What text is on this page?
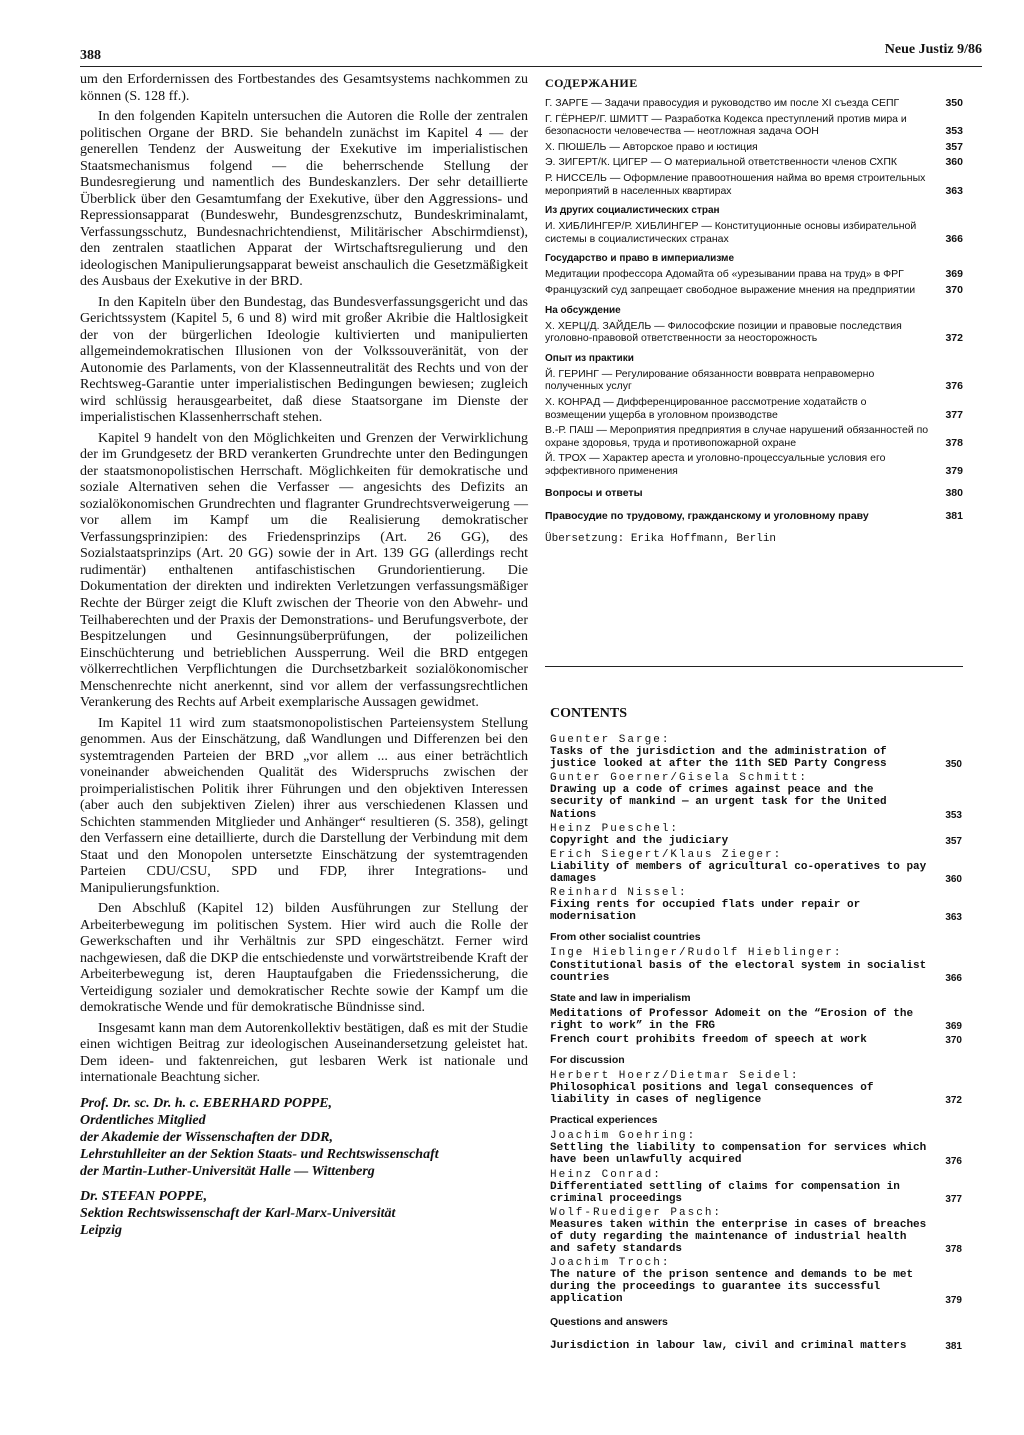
388	Neue Justiz 9/86

um den Erfordernissen des Fortbestandes des Gesamtsystems nachkommen zu können (S. 128 ff.).

In den folgenden Kapiteln untersuchen die Autoren die Rolle der zentralen politischen Organe der BRD. Sie behandeln zunächst im Kapitel 4 — der generellen Tendenz der Ausweitung der Exekutive im imperialistischen Staatsmechanismus folgend — die beherrschende Stellung der Bundesregierung und namentlich des Bundeskanzlers. Der sehr detaillierte Überblick über den Gesamtumfang der Exekutive, über den Aggressions- und Repressionsapparat (Bundeswehr, Bundesgrenzschutz, Bundeskriminalamt, Verfassungsschutz, Bundesnachrichtendienst, Militärischer Abschirmdienst), den zentralen staatlichen Apparat der Wirtschaftsregulierung und den ideologischen Manipulierungsapparat beweist anschaulich die Gesetzmäßigkeit des Ausbaus der Exekutive in der BRD.

In den Kapiteln über den Bundestag, das Bundesverfassungsgericht und das Gerichtssystem (Kapitel 5, 6 und 8) wird mit großer Akribie die Haltlosigkeit der von der bürgerlichen Ideologie kultivierten und manipulierten allgemeindemokratischen Illusionen von der Volkssouveränität, von der Autonomie des Parlaments, von der Klassenneutralität des Rechts und von der Rechtsweg-Garantie unter imperialistischen Bedingungen bewiesen; zugleich wird schlüssig herausgearbeitet, daß diese Staatsorgane im Dienste der imperialistischen Klassenherrschaft stehen.

Kapitel 9 handelt von den Möglichkeiten und Grenzen der Verwirklichung der im Grundgesetz der BRD verankerten Grundrechte unter den Bedingungen der staatsmonopolistischen Herrschaft. Möglichkeiten für demokratische und soziale Alternativen sehen die Verfasser — angesichts des Defizits an sozialökonomischen Grundrechten und flagranter Grundrechtsverweigerung — vor allem im Kampf um die Realisierung demokratischer Verfassungsprinzipien: des Friedensprinzips (Art. 26 GG), des Sozialstaatsprinzips (Art. 20 GG) sowie der in Art. 139 GG (allerdings recht rudimentär) enthaltenen antifaschistischen Grundorientierung. Die Dokumentation der direkten und indirekten Verletzungen verfassungsmäßiger Rechte der Bürger zeigt die Kluft zwischen der Theorie von den Abwehr- und Teilhaberechten und der Praxis der Demonstrations- und Berufungsverbote, der Bespitzelungen und Gesinnungsüberprüfungen, der polizeilichen Einschüchterung und betrieblichen Aussperrung. Weil die BRD entgegen völkerrechtlichen Verpflichtungen die Durchsetzbarkeit sozialökonomischer Menschenrechte nicht anerkennt, sind vor allem der verfassungsrechtlichen Verankerung des Rechts auf Arbeit exemplarische Aussagen gewidmet.

Im Kapitel 11 wird zum staatsmonopolistischen Parteiensystem Stellung genommen. Aus der Einschätzung, daß Wandlungen und Differenzen bei den systemtragenden Parteien der BRD „vor allem ... aus einer beträchtlich voneinander abweichenden Qualität des Widerspruchs zwischen der proimperialistischen Politik ihrer Führungen und den objektiven Interessen (aber auch den subjektiven Zielen) ihrer aus verschiedenen Klassen und Schichten stammenden Mitglieder und Anhänger“ resultieren (S. 358), gelingt den Verfassern eine detaillierte, durch die Darstellung der Verbindung mit dem Staat und den Monopolen untersetzte Einschätzung der systemtragenden Parteien CDU/CSU, SPD und FDP, ihrer Integrations- und Manipulierungsfunktion.

Den Abschluß (Kapitel 12) bilden Ausführungen zur Stellung der Arbeiterbewegung im politischen System. Hier wird auch die Rolle der Gewerkschaften und ihr Verhältnis zur SPD eingeschätzt. Ferner wird nachgewiesen, daß die DKP die entschiedenste und vorwärtstreibende Kraft der Arbeiterbewegung ist, deren Hauptaufgaben die Friedenssicherung, die Verteidigung sozialer und demokratischer Rechte sowie der Kampf um die demokratische Wende und für demokratische Bündnisse sind.

Insgesamt kann man dem Autorenkollektiv bestätigen, daß es mit der Studie einen wichtigen Beitrag zur ideologischen Auseinandersetzung geleistet hat. Dem ideen- und faktenreichen, gut lesbaren Werk ist nationale und internationale Beachtung sicher.

Prof. Dr. sc. Dr. h. c. EBERHARD POPPE,
Ordentliches Mitglied
der Akademie der Wissenschaften der DDR,
Lehrstuhlleiter an der Sektion Staats- und Rechtswissenschaft
der Martin-Luther-Universität Halle — Wittenberg
Dr. STEFAN POPPE,
Sektion Rechtswissenschaft der Karl-Marx-Universität
Leipzig
СОДЕРЖАНИЕ
Г. ЗАРГЕ — Задачи правосудия и руководство им после XI съезда СЕПГ	350
Г. ГЁРНЕР/Г. ШМИТТ — Разработка Кодекса преступлений против мира и безопасности человечества — неотложная задача ООН	353
Х. ПЮШЕЛЬ — Авторское право и юстиция	357
Э. ЗИГЕРТ/К. ЦИГЕР — О материальной ответственности членов СХПК	360
Р. НИССЕЛЬ — Оформление правоотношения найма во время строительных мероприятий в населенных квартирах	363
Из других социалистических стран
И. ХИБЛИНГЕР/Р. ХИБЛИНГЕР — Конституционные основы избирательной системы в социалистических странах	366
Государство и право в империализме
Медитации профессора Адомайта об «урезывании права на труд» в ФРГ	369
Французский суд запрещает свободное выражение мнения на предприятии	370
На обсуждение
Х. ХЕРЦ/Д. ЗАЙДЕЛЬ — Философские позиции и правовые последствия уголовно-правовой ответственности за неосторожность	372
Опыт из практики
Й. ГЕРИНГ — Регулирование обязанности вовврата неправомерно полученных услуг	376
Х. КОНРАД — Дифференцированное рассмотрение ходатайств о возмещении ущерба в уголовном производстве	377
В.-Р. ПАШ — Мероприятия предприятия в случае нарушений обязанностей по охране здоровья, труда и противопожарной охране	378
Й. ТРОХ — Характер ареста и уголовно-процессуальные условия его эффективного применения	379
Вопросы и ответы	380
Правосудие по трудовому, гражданскому и уголовному праву	381
Übersetzung: Erika Hoffmann, Berlin
CONTENTS
Guenter Sarge:
Tasks of the jurisdiction and the administration of justice looked at after the 11th SED Party Congress	350
Gunter Goerner/Gisela Schmitt:
Drawing up a code of crimes against peace and the security of mankind — an urgent task for the United Nations	353
Heinz Pueschel:
Copyright and the judiciary	357
Erich Siegert/Klaus Zieger:
Liability of members of agricultural co-operatives to pay damages	360
Reinhard Nissel:
Fixing rents for occupied flats under repair or modernisation	363
From other socialist countries
Inge Hieblinger/Rudolf Hieblinger:
Constitutional basis of the electoral system in socialist countries	366
State and law in imperialism
Meditations of Professor Adomeit on the “Erosion of the right to work” in the FRG	369
French court prohibits freedom of speech at work	370
For discussion
Herbert Hoerz/Dietmar Seidel:
Philosophical positions and legal consequences of liability in cases of negligence	372
Practical experiences
Joachim Goehring:
Settling the liability to compensation for services which have been unlawfully acquired	376
Heinz Conrad:
Differentiated settling of claims for compensation in criminal proceedings	377
Wolf-Ruediger Pasch:
Measures taken within the enterprise in cases of breaches of duty regarding the maintenance of industrial health and safety standards	378
Joachim Troch:
The nature of the prison sentence and demands to be met during the proceedings to guarantee its successful application	379
Questions and answers
Jurisdiction in labour law, civil and criminal matters	381
